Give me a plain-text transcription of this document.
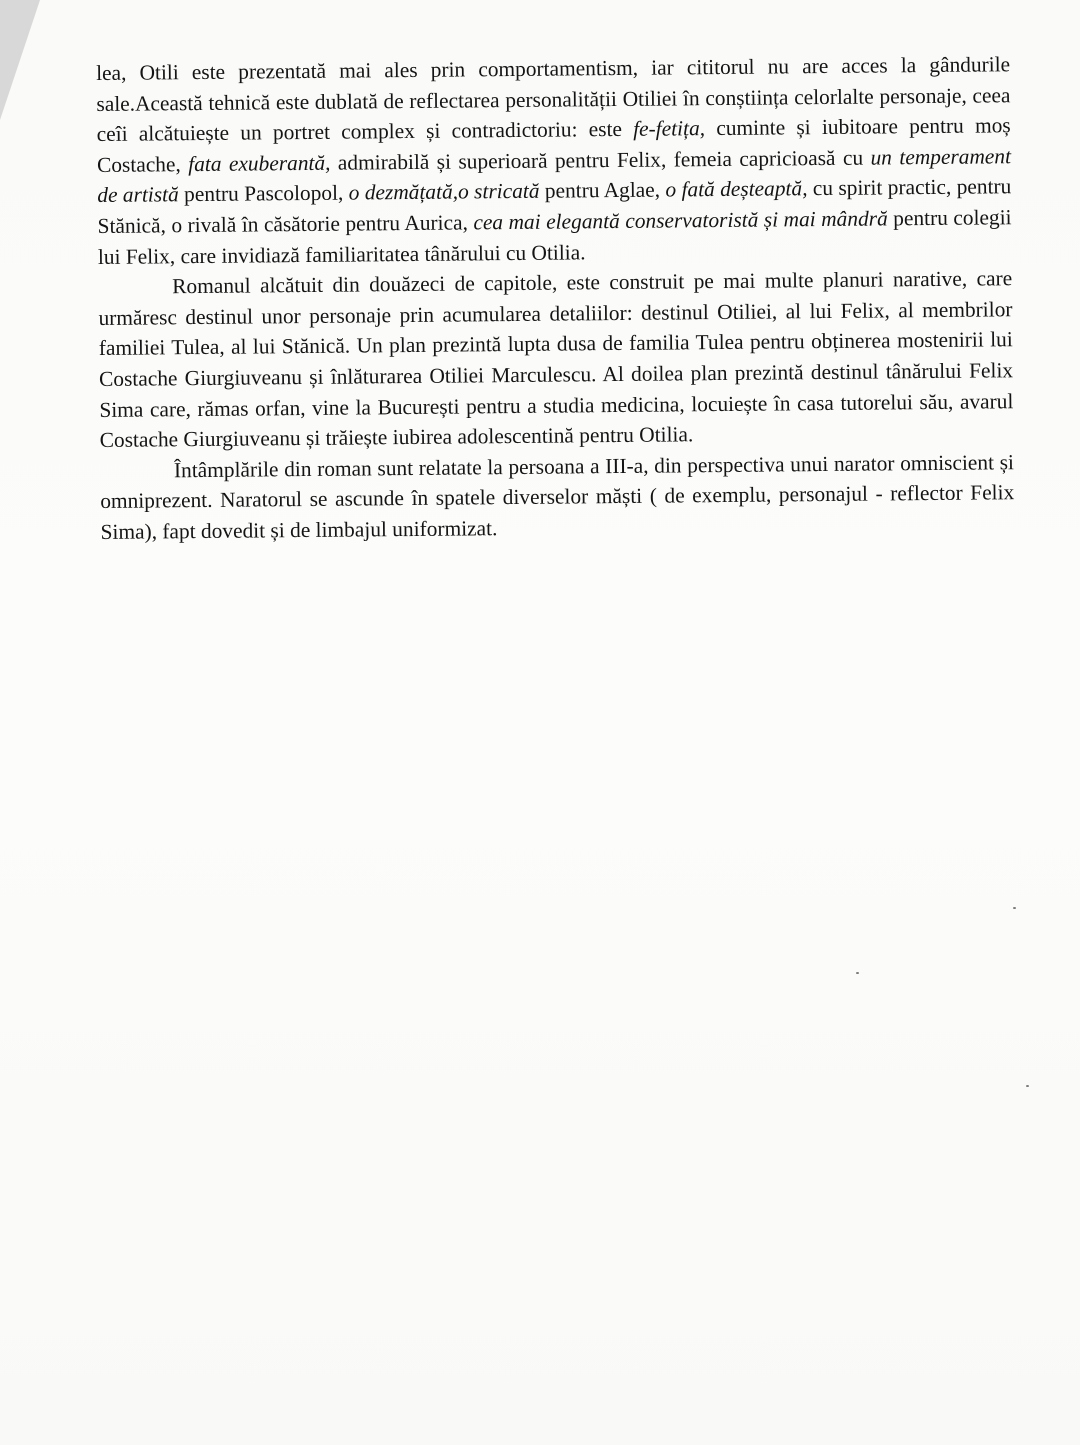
lea, Otili este prezentată mai ales prin comportamentism, iar cititorul nu are acces la gândurile sale.Această tehnică este dublată de reflectarea personalității Otiliei în conștiința celorlalte personaje, ceea ceîi alcătuiește un portret complex și contradictoriu: este fe-fetița, cuminte și iubitoare pentru moș Costache, fata exuberantă, admirabilă și superioară pentru Felix, femeia capricioasă cu un temperament de artistă pentru Pascolopol, o dezmățată,o stricată pentru Aglae, o fată deșteaptă, cu spirit practic, pentru Stănică, o rivală în căsătorie pentru Aurica, cea mai elegantă conservatoristă și mai mândră pentru colegii lui Felix, care invidiază familiaritatea tânărului cu Otilia.

Romanul alcătuit din douăzeci de capitole, este construit pe mai multe planuri narative, care urmăresc destinul unor personaje prin acumularea detaliilor: destinul Otiliei, al lui Felix, al membrilor familiei Tulea, al lui Stănică. Un plan prezintă lupta dusa de familia Tulea pentru obținerea mostenirii lui Costache Giurgiuveanu și înlăturarea Otiliei Marculescu. Al doilea plan prezintă destinul tânărului Felix Sima care, rămas orfan, vine la București pentru a studia medicina, locuiește în casa tutorelui său, avarul Costache Giurgiuveanu și trăiește iubirea adolescentină pentru Otilia.

Întâmplările din roman sunt relatate la persoana a III-a, din perspectiva unui narator omniscient și omniprezent. Naratorul se ascunde în spatele diverselor măști ( de exemplu, personajul - reflector Felix Sima), fapt dovedit și de limbajul uniformizat.
